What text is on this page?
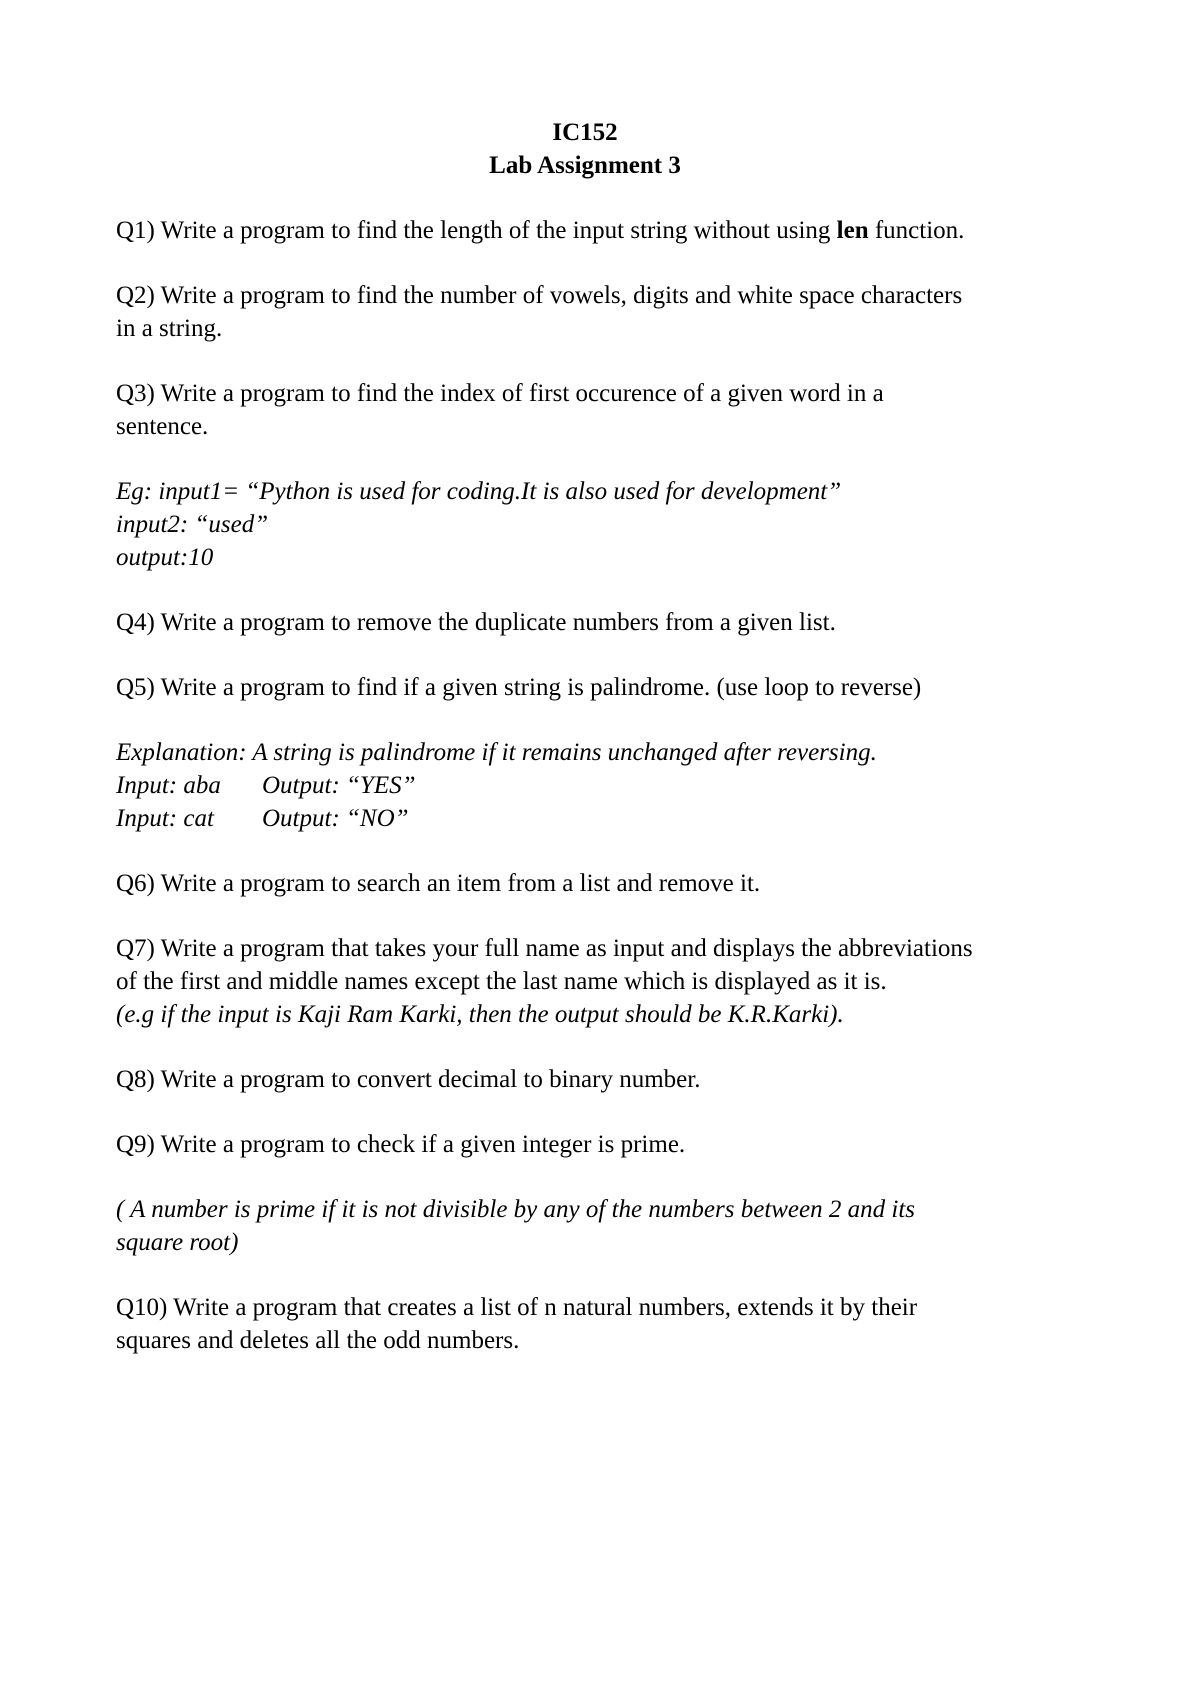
IC152
Lab Assignment 3
Q1) Write a program to find the length of the input string without using len function.
Q2) Write a program to find the number of vowels, digits and white space characters
in a string.
Q3) Write a program to find the index of first occurence of a given word in a
sentence.
Eg: input1= “Python is used for coding.It is also used for development”
input2: “used”
output:10
Q4) Write a program to remove the duplicate numbers from a given list.
Q5) Write a program to find if a given string is palindrome. (use loop to reverse)
Explanation: A string is palindrome if it remains unchanged after reversing.
Input: aba Output: “YES”
Input: cat Output: “NO”
Q6) Write a program to search an item from a list and remove it.
Q7) Write a program that takes your full name as input and displays the abbreviations
of the first and middle names except the last name which is displayed as it is.
(e.g if the input is Kaji Ram Karki, then the output should be K.R.Karki).
Q8) Write a program to convert decimal to binary number.
Q9) Write a program to check if a given integer is prime.
( A number is prime if it is not divisible by any of the numbers between 2 and its
square root)
Q10) Write a program that creates a list of n natural numbers, extends it by their
squares and deletes all the odd numbers.
